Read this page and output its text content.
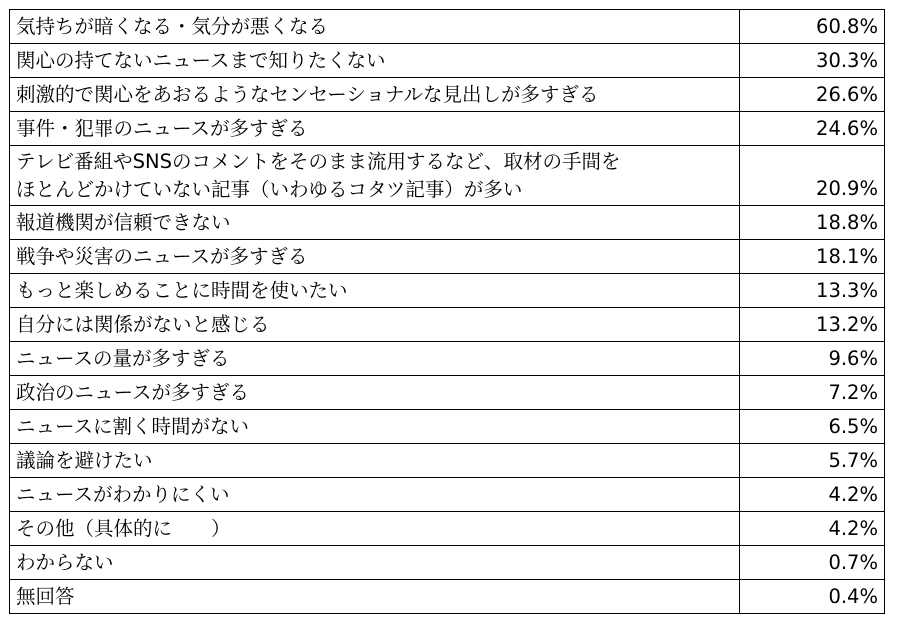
気持ちが暗くなる・気分が悪くなる	60.8%
関心の持てないニュースまで知りたくない	30.3%
刺激的で関心をあおるようなセンセーショナルな見出しが多すぎる	26.6%
事件・犯罪のニュースが多すぎる	24.6%

テレビ番組やSNSのコメントをそのまま流用するなど、取材の手間を
ほとんどかけていない記事（いわゆるコタツ記事）が多い	20.9%
報道機関が信頼できない	18.8%
戦争や災害のニュースが多すぎる	18.1%
もっと楽しめることに時間を使いたい	13.3%
自分には関係がないと感じる	13.2%
ニュースの量が多すぎる	9.6%
政治のニュースが多すぎる	7.2%
ニュースに割く時間がない	6.5%
議論を避けたい	5.7%
ニュースがわかりにくい	4.2%
その他（具体的に　　）	4.2%
わからない	0.7%
無回答	0.4%
